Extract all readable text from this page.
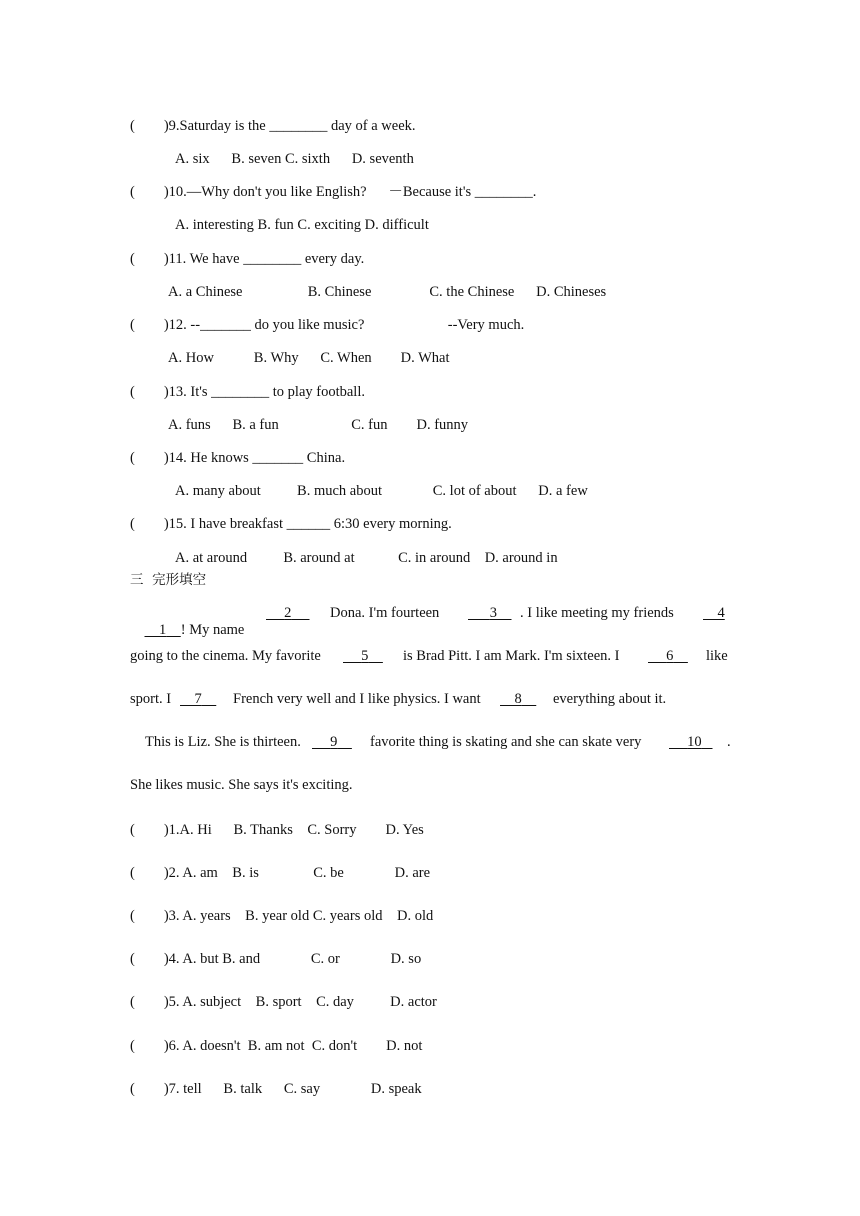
(        )9.Saturday is the ________ day of a week.
A. six      B. seven C. sixth      D. seventh
(        )10.—Why don't you like English?      －Because it's ________.
A. interesting B. fun C. exciting D. difficult
(        )11. We have ________ every day.
A. a Chinese                  B. Chinese                C. the Chinese      D. Chineses
(        )12. --_______ do you like music?                       --Very much.
A. How           B. Why      C. When        D. What
(        )13. It's ________ to play football.
A. funs      B. a fun                    C. fun        D. funny
(        )14. He knows _______ China.
A. many about          B. much about              C. lot of about      D. a few
(        )15. I have breakfast ______ 6:30 every morning.
A. at around          B. around at            C. in around    D. around in
三  完形填空

1 ! My name

2	Dona. I'm fourteen	3	. I like meeting my friends	4
going to the cinema. My favorite	5	is Brad Pitt. I am Mark. I'm sixteen. I	6	like
sport. I	7	French very well and I like physics. I want	8	everything about it.
This is Liz. She is thirteen.	9	favorite thing is skating and she can skate very	10	.
She likes music. She says it's exciting.
(        )1.A. Hi      B. Thanks    C. Sorry        D. Yes
(        )2. A. am    B. is               C. be              D. are
(        )3. A. years    B. year old C. years old    D. old
(        )4. A. but B. and              C. or              D. so
(        )5. A. subject    B. sport    C. day          D. actor
(        )6. A. doesn't  B. am not  C. don't        D. not
(        )7. tell      B. talk      C. say              D. speak
